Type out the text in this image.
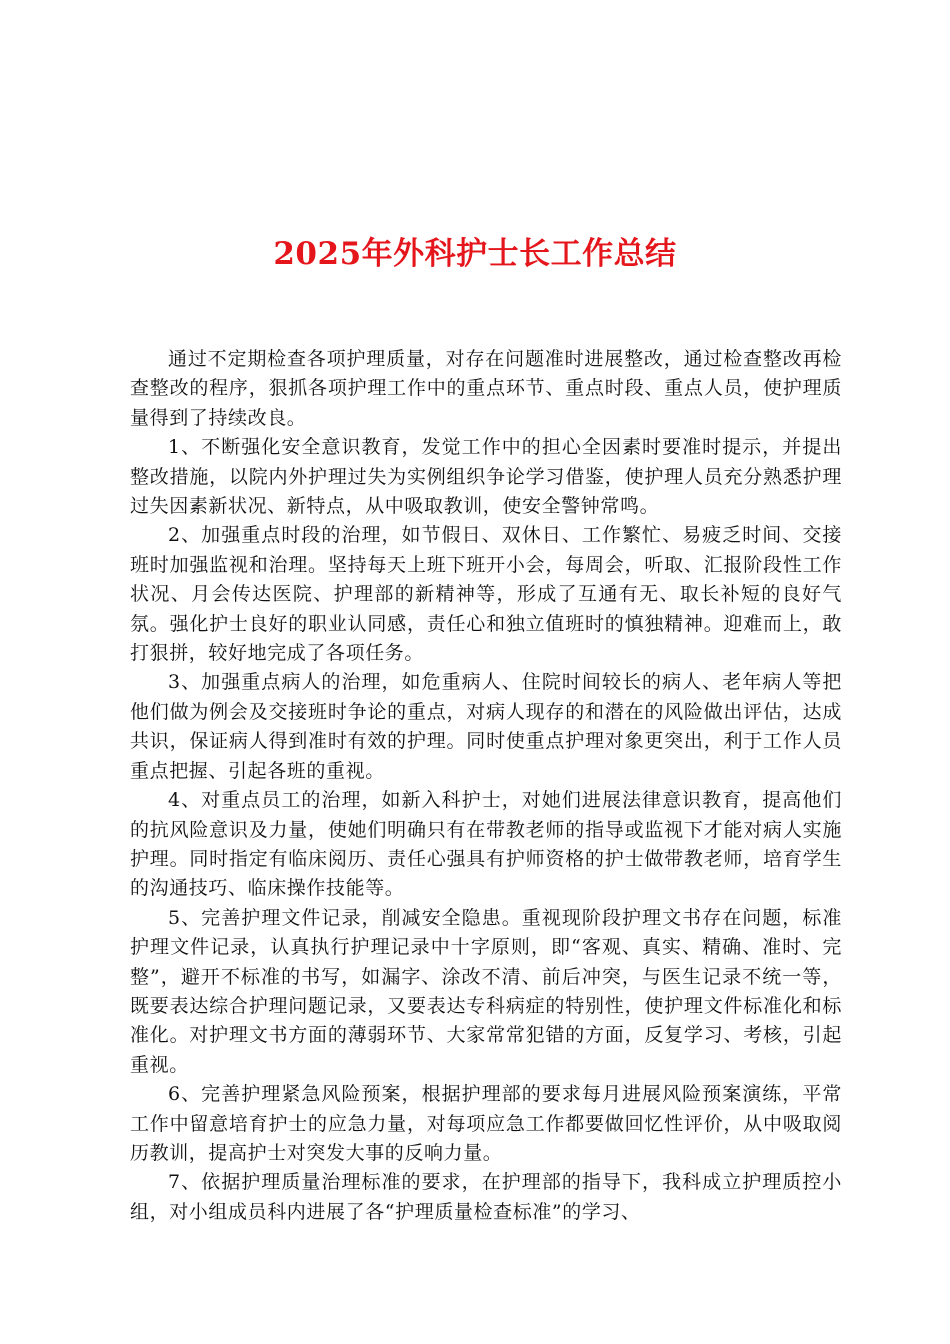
2025年外科护士长工作总结

通过不定期检查各项护理质量，对存在问题准时进展整改，通过检查整改再检查整改的程序，狠抓各项护理工作中的重点环节、重点时段、重点人员，使护理质量得到了持续改良。

1、不断强化安全意识教育，发觉工作中的担心全因素时要准时提示，并提出整改措施，以院内外护理过失为实例组织争论学习借鉴，使护理人员充分熟悉护理过失因素新状况、新特点，从中吸取教训，使安全警钟常鸣。

2、加强重点时段的治理，如节假日、双休日、工作繁忙、易疲乏时间、交接班时加强监视和治理。坚持每天上班下班开小会，每周会，听取、汇报阶段性工作状况、月会传达医院、护理部的新精神等，形成了互通有无、取长补短的良好气氛。强化护士良好的职业认同感，责任心和独立值班时的慎独精神。迎难而上，敢打狠拼，较好地完成了各项任务。

3、加强重点病人的治理，如危重病人、住院时间较长的病人、老年病人等把他们做为例会及交接班时争论的重点，对病人现存的和潜在的风险做出评估，达成共识，保证病人得到准时有效的护理。同时使重点护理对象更突出，利于工作人员重点把握、引起各班的重视。

4、对重点员工的治理，如新入科护士，对她们进展法律意识教育，提高他们的抗风险意识及力量，使她们明确只有在带教老师的指导或监视下才能对病人实施护理。同时指定有临床阅历、责任心强具有护师资格的护士做带教老师，培育学生的沟通技巧、临床操作技能等。

5、完善护理文件记录，削减安全隐患。重视现阶段护理文书存在问题，标准护理文件记录，认真执行护理记录中十字原则，即“客观、真实、精确、准时、完整”，避开不标准的书写，如漏字、涂改不清、前后冲突，与医生记录不统一等，既要表达综合护理问题记录，又要表达专科病症的特别性，使护理文件标准化和标准化。对护理文书方面的薄弱环节、大家常常犯错的方面，反复学习、考核，引起重视。

6、完善护理紧急风险预案，根据护理部的要求每月进展风险预案演练，平常工作中留意培育护士的应急力量，对每项应急工作都要做回忆性评价，从中吸取阅历教训，提高护士对突发大事的反响力量。

7、依据护理质量治理标准的要求，在护理部的指导下，我科成立护理质控小组，对小组成员科内进展了各“护理质量检查标准”的学习、
